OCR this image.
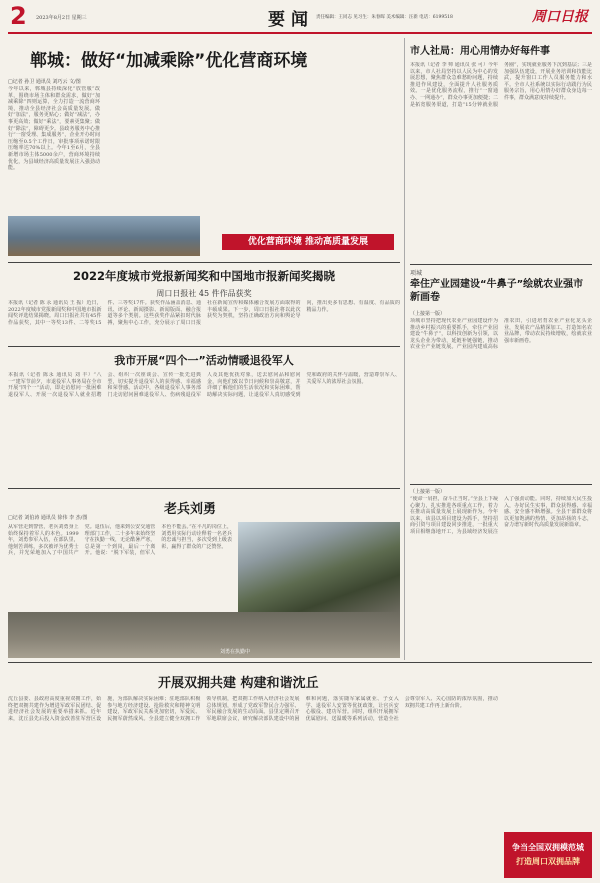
2 2023年8月2日 星期三	要闻 责任编辑：王同志 见习生：朱春晖 美术编辑：汪新 电话：6199518	周口日报
郸城：做好“加减乘除”优化营商环境
□记者 孙卫 通讯员 刘巧云 文/图
今年以来，郸城县持续深化“放管服”改革，围绕市场主体和群众需求，做好“加减乘除”四则运算，全力打造一流营商环境，推动全县经济社会高质量发展。做好“加法”，服务更贴心；做好“减法”，办事更高效；做好“乘法”，要素更集聚；做好“除法”，障碍更少。县政务服务中心推行“一窗受理、集成服务”，企业开办时间压缩至0.5个工作日，审批事项承诺时限压缩率达70%以上。今年1至6月，全县新增市场主体5000余户，营商环境持续优化，为县域经济高质量发展注入强劲动能。
优化营商环境 推动高质量发展
2022年度城市党报新闻奖和中国地市报新闻奖揭晓
周口日报社 45 件作品获奖
本报讯（记者 陈 永 通讯员 王 振）近日，2022年度城市党报新闻奖和中国地市报新闻奖评选结果揭晓。周口日报社共有45件作品获奖，其中一等奖13件、二等奖15件、三等奖17件。获奖作品涵盖消息、通讯、评论、新闻摄影、新闻版面、融合报道等多个类别。这些获奖作品紧扣时代脉搏，聚焦中心工作，充分展示了周口日报社在新闻宣传和媒体融合发展方面取得的丰硕成果。下一步，周口日报社将以此次获奖为契机，坚持正确政治方向和舆论导向，推出更多有思想、有温度、有品质的精品力作。
我市开展“四个一”活动情暖退役军人
本报讯（记者 陈永 通讯员 刘 丰）“八一”建军节前夕，市退役军人事务局在全市开展“四个一”活动，即走访慰问一批困难退役军人、开展一次退役军人就业招聘会、组织一次座谈会、宣传一批先进典型，切实提升退役军人的获得感、幸福感和荣誉感。活动中，各级退役军人事务部门走访慰问困难退役军人、伤病残退役军人及其他优抚对象，送去慰问品和慰问金，向他们致以节日问候和崇高敬意，并详细了解他们的生活状况和实际困难，帮助解决实际问题，让退役军人真切感受到党和政府的关怀与温暖，营造尊崇军人、关爱军人的浓厚社会氛围。
老兵刘勇
□记者 刘伯涛 通讯员 徐伟 李 杰/图
从军营走到警营，老兵刘勇身上始终保持着军人的本色。1999年，刘勇参军入伍，在部队里，他刻苦训练，多次被评为优秀士兵，并光荣地加入了中国共产党。退伍后，他来到公安交通管理部门工作，二十多年来始终坚守在执勤一线，无论酷暑严寒，总是第一个到岗，最后一个离开。他说：“脱下军装，但军人本色不能丢。”在平凡的岗位上，刘勇用实际行动诠释着一名老兵的忠诚与担当，多次受到上级表彰，赢得了群众的广泛赞誉。
刘勇在执勤中
开展双拥共建 构建和谐沈丘
沈丘县委、县政府高度重视双拥工作，始终把双拥共建作为增进军政军民团结、促进经济社会发展的重要举措来抓。近年来，沈丘县先后投入资金改善驻军营区设施，为部队解决实际困难；驻地部队积极参与地方经济建设、抢险救灾和精神文明建设，军政军民关系更加密切，军爱民、民拥军蔚然成风。全县建立健全双拥工作领导机制，把双拥工作纳入经济社会发展总体规划，形成了党政军警民合力强军、军民融合发展的生动局面。县里定期召开军地联席会议，研究解决部队建设中的困难和问题，落实随军家属就业、子女入学、退役军人安置等优抚政策，让官兵安心服役、建功军营。同时，组织开展拥军优属慰问、送温暖等系列活动，营造全社会尊崇军人、关心国防的浓厚氛围，推动双拥共建工作再上新台阶。
市人社局：用心用情办好每件事
本报讯（记者 李 帅 通讯员 张 可）今年以来，市人社局坚持以人民为中心的发展思想，聚焦群众急难愁盼问题，持续推进作风建设，全面提升人社服务质效。一是优化服务流程，推行“一窗通办、一网通办”，群众办事更加便捷；二是拓宽服务渠道，打造“15分钟就业服务圈”，实现就业服务下沉到基层；三是加强队伍建设，开展业务培训和技能比武，提升窗口工作人员服务能力和水平。全市人社系统以实际行动践行为民服务宗旨，用心用情办好群众身边每一件事，群众满意度持续提升。
项城
牵住产业园建设“牛鼻子”绘就农业强市新画卷
（上接第一版）
项城市坚持把现代农业产业园建设作为推动乡村振兴的重要抓手，牵住产业园建设“牛鼻子”，以科技创新为引领，以龙头企业为带动，延链补链强链，推动农业全产业链发展。产业园内建成高标准农田，引进培育农业产业化龙头企业，发展农产品精深加工，打造知名农业品牌，带动农民持续增收，绘就农业强市新画卷。
（上接第一版）
“使命一肩担，奋斗正当时。”全县上下凝心聚力，扎实推进各项重点工作，着力在推动高质量发展上展现新作为。今年以来，该县以项目建设为抓手，坚持招商引资与项目建设同步推进，一批重大项目相继落地开工，为县域经济发展注入了强劲动能。同时，持续加大民生投入，办好民生实事，群众获得感、幸福感、安全感不断增强。全县干部群众将以更加饱满的热情、更加昂扬的斗志，奋力谱写新时代高质量发展新篇章。
争当全国双拥模范城
打造周口双拥品牌
